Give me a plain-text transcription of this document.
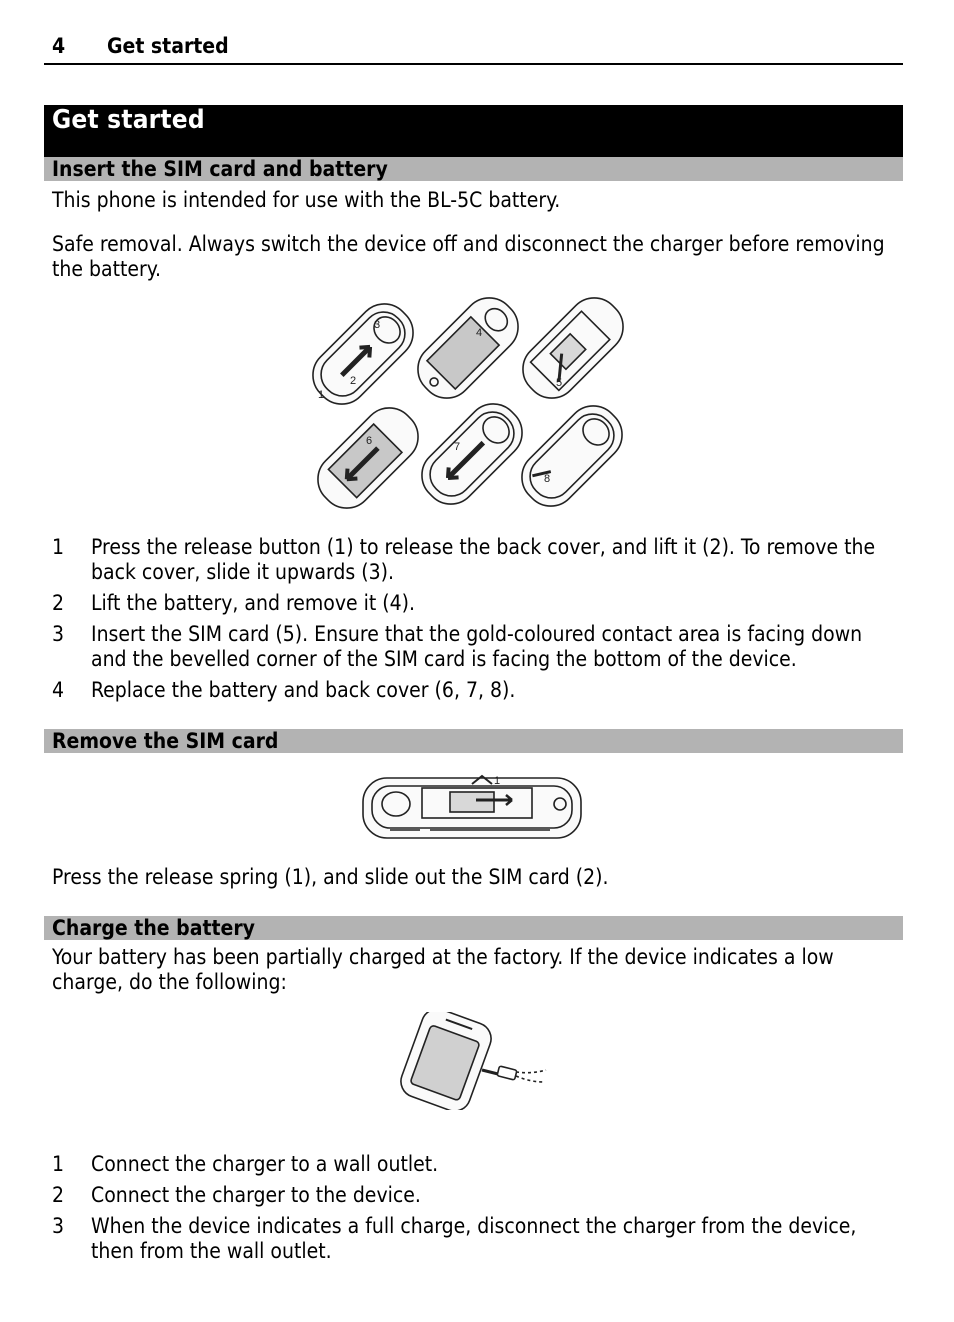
4 Get started
Get started
Insert the SIM card and battery
This phone is intended for use with the BL-5C battery.
Safe removal. Always switch the device off and disconnect the charger before removing the battery.
1
2
3
4
5
6	7
8
1 Press the release button (1) to release the back cover, and lift it (2). To remove the back cover, slide it upwards (3).
2 Lift the battery, and remove it (4).
3 Insert the SIM card (5). Ensure that the gold-coloured contact area is facing down and the bevelled corner of the SIM card is facing the bottom of the device.
4 Replace the battery and back cover (6, 7, 8).
Remove the SIM card
1
Press the release spring (1), and slide out the SIM card (2).
Charge the battery
Your battery has been partially charged at the factory. If the device indicates a low charge, do the following:
1 Connect the charger to a wall outlet.
2 Connect the charger to the device.
3 When the device indicates a full charge, disconnect the charger from the device, then from the wall outlet.
